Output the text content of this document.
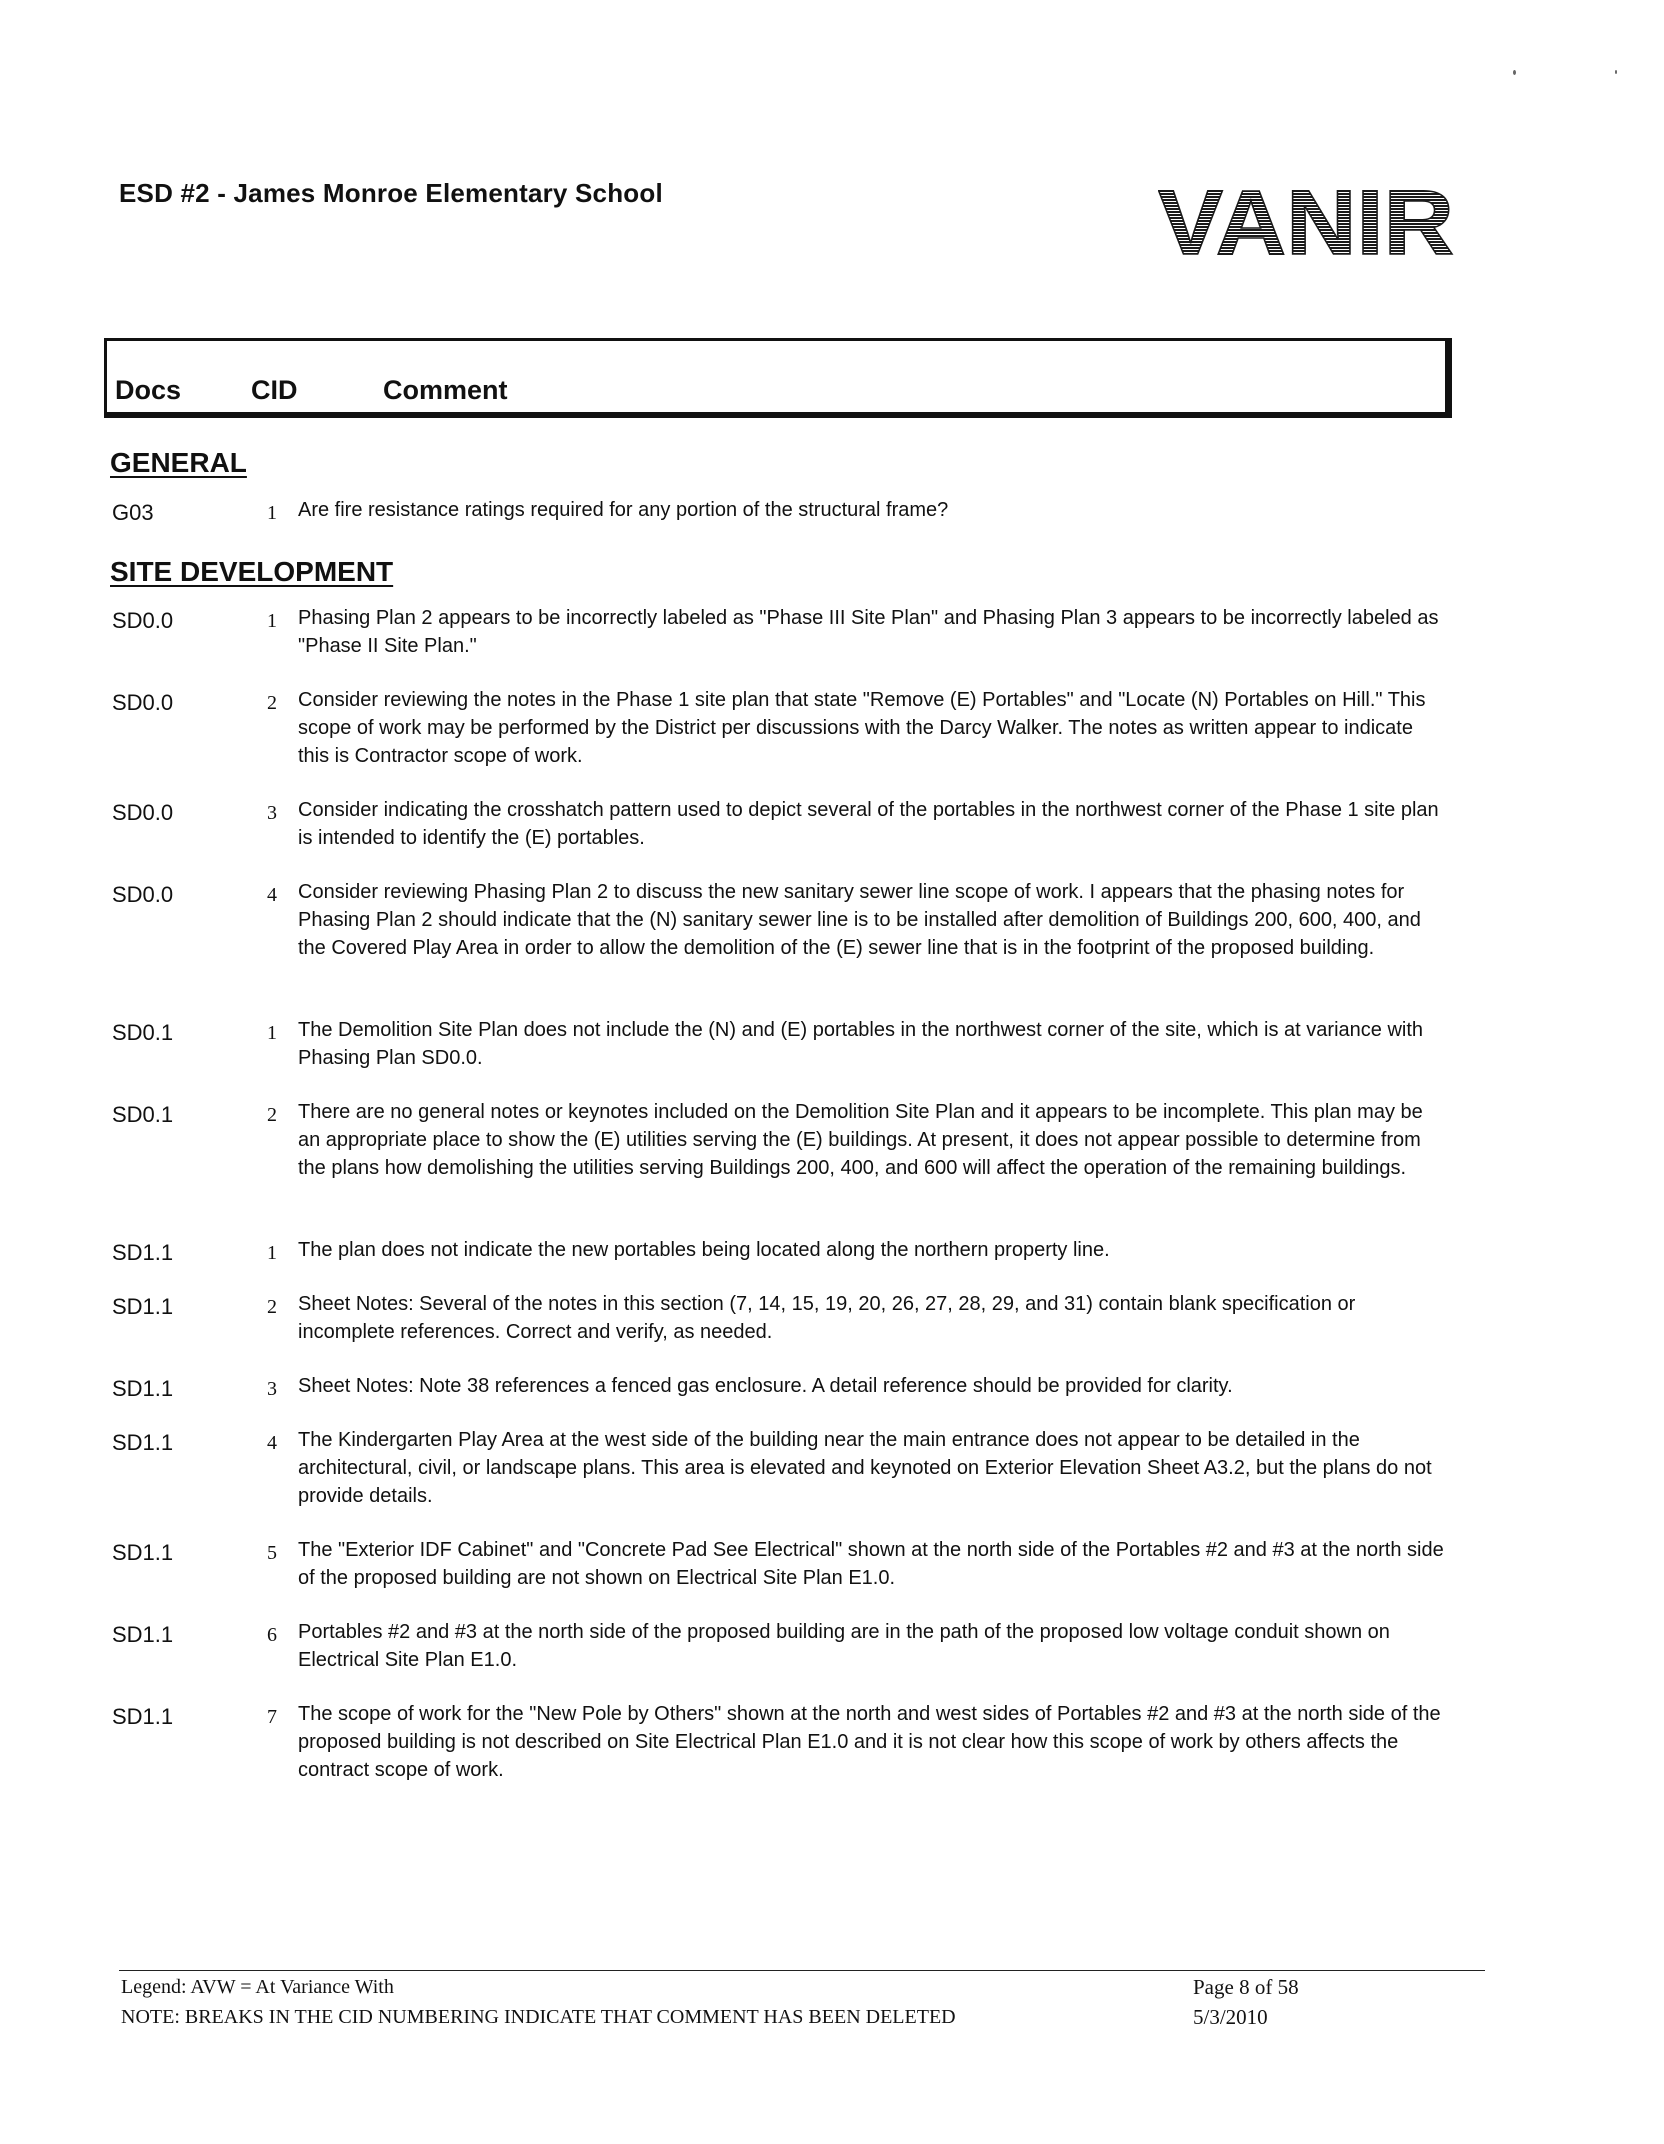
ESD #2 - James Monroe Elementary School	VANIR
Docs	CID	Comment
GENERAL
G03	1	Are fire resistance ratings required for any portion of the structural frame?
SITE DEVELOPMENT
SD0.0	1	Phasing Plan 2 appears to be incorrectly labeled as "Phase III Site Plan" and Phasing Plan 3 appears to be incorrectly labeled as "Phase II Site Plan."
SD0.0	2	Consider reviewing the notes in the Phase 1 site plan that state "Remove (E) Portables" and "Locate (N) Portables on Hill." This scope of work may be performed by the District per discussions with the Darcy Walker. The notes as written appear to indicate this is Contractor scope of work.
SD0.0	3	Consider indicating the crosshatch pattern used to depict several of the portables in the northwest corner of the Phase 1 site plan is intended to identify the (E) portables.
SD0.0	4	Consider reviewing Phasing Plan 2 to discuss the new sanitary sewer line scope of work. I appears that the phasing notes for Phasing Plan 2 should indicate that the (N) sanitary sewer line is to be installed after demolition of Buildings 200, 600, 400, and the Covered Play Area in order to allow the demolition of the (E) sewer line that is in the footprint of the proposed building.
SD0.1	1	The Demolition Site Plan does not include the (N) and (E) portables in the northwest corner of the site, which is at variance with Phasing Plan SD0.0.
SD0.1	2	There are no general notes or keynotes included on the Demolition Site Plan and it appears to be incomplete. This plan may be an appropriate place to show the (E) utilities serving the (E) buildings. At present, it does not appear possible to determine from the plans how demolishing the utilities serving Buildings 200, 400, and 600 will affect the operation of the remaining buildings.
SD1.1	1	The plan does not indicate the new portables being located along the northern property line.
SD1.1	2	Sheet Notes: Several of the notes in this section (7, 14, 15, 19, 20, 26, 27, 28, 29, and 31) contain blank specification or incomplete references. Correct and verify, as needed.
SD1.1	3	Sheet Notes: Note 38 references a fenced gas enclosure. A detail reference should be provided for clarity.
SD1.1	4	The Kindergarten Play Area at the west side of the building near the main entrance does not appear to be detailed in the architectural, civil, or landscape plans. This area is elevated and keynoted on Exterior Elevation Sheet A3.2, but the plans do not provide details.
SD1.1	5	The "Exterior IDF Cabinet" and "Concrete Pad See Electrical" shown at the north side of the Portables #2 and #3 at the north side of the proposed building are not shown on Electrical Site Plan E1.0.
SD1.1	6	Portables #2 and #3 at the north side of the proposed building are in the path of the proposed low voltage conduit shown on Electrical Site Plan E1.0.
SD1.1	7	The scope of work for the "New Pole by Others" shown at the north and west sides of Portables #2 and #3 at the north side of the proposed building is not described on Site Electrical Plan E1.0 and it is not clear how this scope of work by others affects the contract scope of work.
Legend: AVW = At Variance With
NOTE: BREAKS IN THE CID NUMBERING INDICATE THAT COMMENT HAS BEEN DELETED
Page 8 of 58
5/3/2010
